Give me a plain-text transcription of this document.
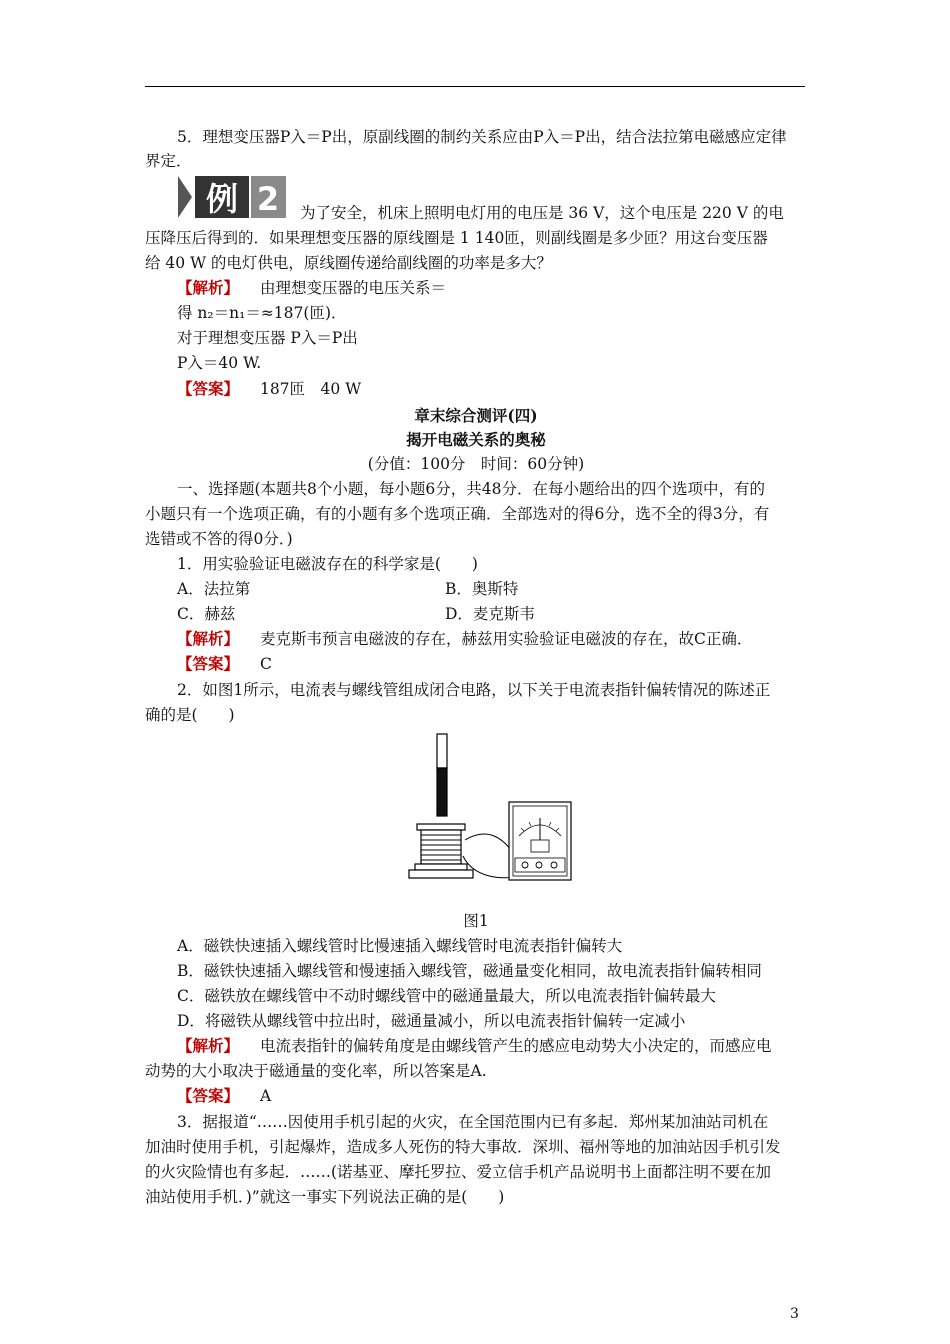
5．理想变压器P入＝P出，原副线圈的制约关系应由P入＝P出，结合法拉第电磁感应定律
界定．
例 2 为了安全，机床上照明电灯用的电压是 36 V，这个电压是 220 V 的电
压降压后得到的．如果理想变压器的原线圈是 1 140匝，则副线圈是多少匝？用这台变压器
给 40 W 的电灯供电，原线圈传递给副线圈的功率是多大？
【解析】 由理想变压器的电压关系＝
得 n₂＝n₁＝≈187(匝)．
对于理想变压器 P入＝P出
P入＝40 W.
【答案】 187匝　40 W
章末综合测评(四)
揭开电磁关系的奥秘
(分值：100分　时间：60分钟)
一、选择题(本题共8个小题，每小题6分，共48分．在每小题给出的四个选项中，有的
小题只有一个选项正确，有的小题有多个选项正确．全部选对的得6分，选不全的得3分，有
选错或不答的得0分．)
1．用实验验证电磁波存在的科学家是(　　)
A．法拉第	B．奥斯特
C．赫兹	D．麦克斯韦
【解析】 麦克斯韦预言电磁波的存在，赫兹用实验验证电磁波的存在，故C正确．
【答案】 C
2．如图1所示，电流表与螺线管组成闭合电路，以下关于电流表指针偏转情况的陈述正
确的是(　　)
图1
A．磁铁快速插入螺线管时比慢速插入螺线管时电流表指针偏转大
B．磁铁快速插入螺线管和慢速插入螺线管，磁通量变化相同，故电流表指针偏转相同
C．磁铁放在螺线管中不动时螺线管中的磁通量最大，所以电流表指针偏转最大
D．将磁铁从螺线管中拉出时，磁通量减小，所以电流表指针偏转一定减小
【解析】 电流表指针的偏转角度是由螺线管产生的感应电动势大小决定的，而感应电
动势的大小取决于磁通量的变化率，所以答案是A.
【答案】 A
3．据报道“……因使用手机引起的火灾，在全国范围内已有多起．郑州某加油站司机在
加油时使用手机，引起爆炸，造成多人死伤的特大事故．深圳、福州等地的加油站因手机引发
的火灾险情也有多起．……(诺基亚、摩托罗拉、爱立信手机产品说明书上面都注明不要在加
油站使用手机．)”就这一事实下列说法正确的是(　　)
3
